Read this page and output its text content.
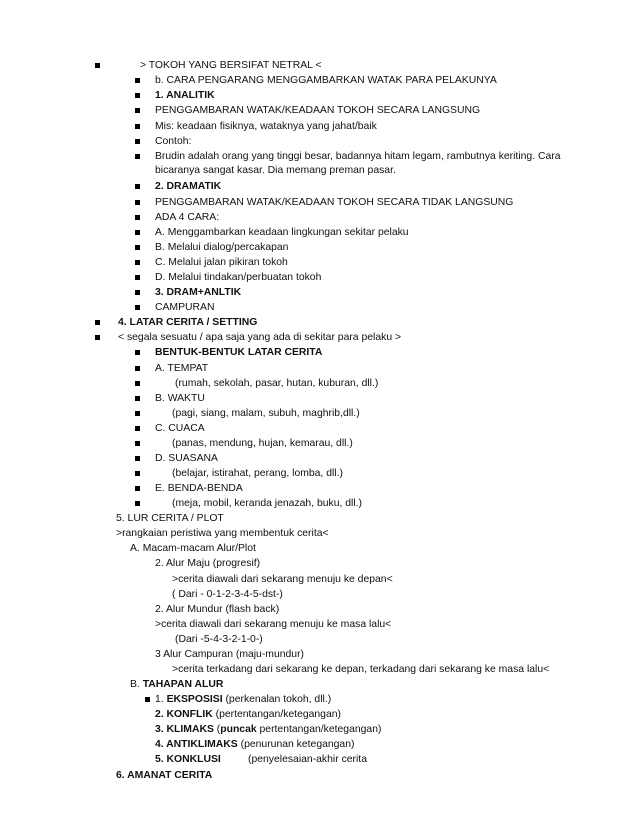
> TOKOH YANG BERSIFAT NETRAL <
b. CARA PENGARANG MENGGAMBARKAN WATAK PARA PELAKUNYA
1. ANALITIK
PENGGAMBARAN WATAK/KEADAAN TOKOH SECARA LANGSUNG
Mis: keadaan fisiknya, wataknya yang jahat/baik
Contoh:
Brudin adalah orang yang tinggi besar, badannya hitam legam, rambutnya keriting. Cara
bicaranya sangat kasar. Dia memang preman pasar.
2. DRAMATIK
PENGGAMBARAN WATAK/KEADAAN TOKOH SECARA TIDAK LANGSUNG
ADA 4 CARA:
A. Menggambarkan keadaan lingkungan sekitar pelaku
B. Melalui dialog/percakapan
C. Melalui jalan pikiran tokoh
D. Melalui tindakan/perbuatan tokoh
3. DRAM+ANLTIK
CAMPURAN
4. LATAR CERITA / SETTING
< segala sesuatu / apa saja yang ada di sekitar para pelaku >
BENTUK-BENTUK LATAR CERITA
A. TEMPAT
(rumah, sekolah, pasar, hutan, kuburan, dll.)
B. WAKTU
(pagi, siang, malam, subuh, maghrib,dll.)
C. CUACA
(panas, mendung, hujan, kemarau, dll.)
D. SUASANA
(belajar, istirahat, perang, lomba, dll.)
E. BENDA-BENDA
(meja, mobil, keranda jenazah, buku, dll.)
5. LUR CERITA / PLOT
>rangkaian peristiwa yang membentuk cerita<
A. Macam-macam Alur/Plot
2. Alur Maju (progresif)
>cerita diawali dari sekarang menuju ke depan<
( Dari - 0-1-2-3-4-5-dst-)
2. Alur Mundur (flash back)
>cerita diawali dari sekarang menuju ke masa lalu<
(Dari -5-4-3-2-1-0-)
3 Alur Campuran (maju-mundur)
>cerita terkadang dari sekarang ke depan, terkadang dari sekarang ke masa lalu<
B. TAHAPAN ALUR
1. EKSPOSISI (perkenalan tokoh, dll.)
2. KONFLIK (pertentangan/ketegangan)
3. KLIMAKS (puncak pertentangan/ketegangan)
4. ANTIKLIMAKS (penurunan ketegangan)
5. KONKLUSI	(penyelesaian-akhir cerita
6. AMANAT CERITA
